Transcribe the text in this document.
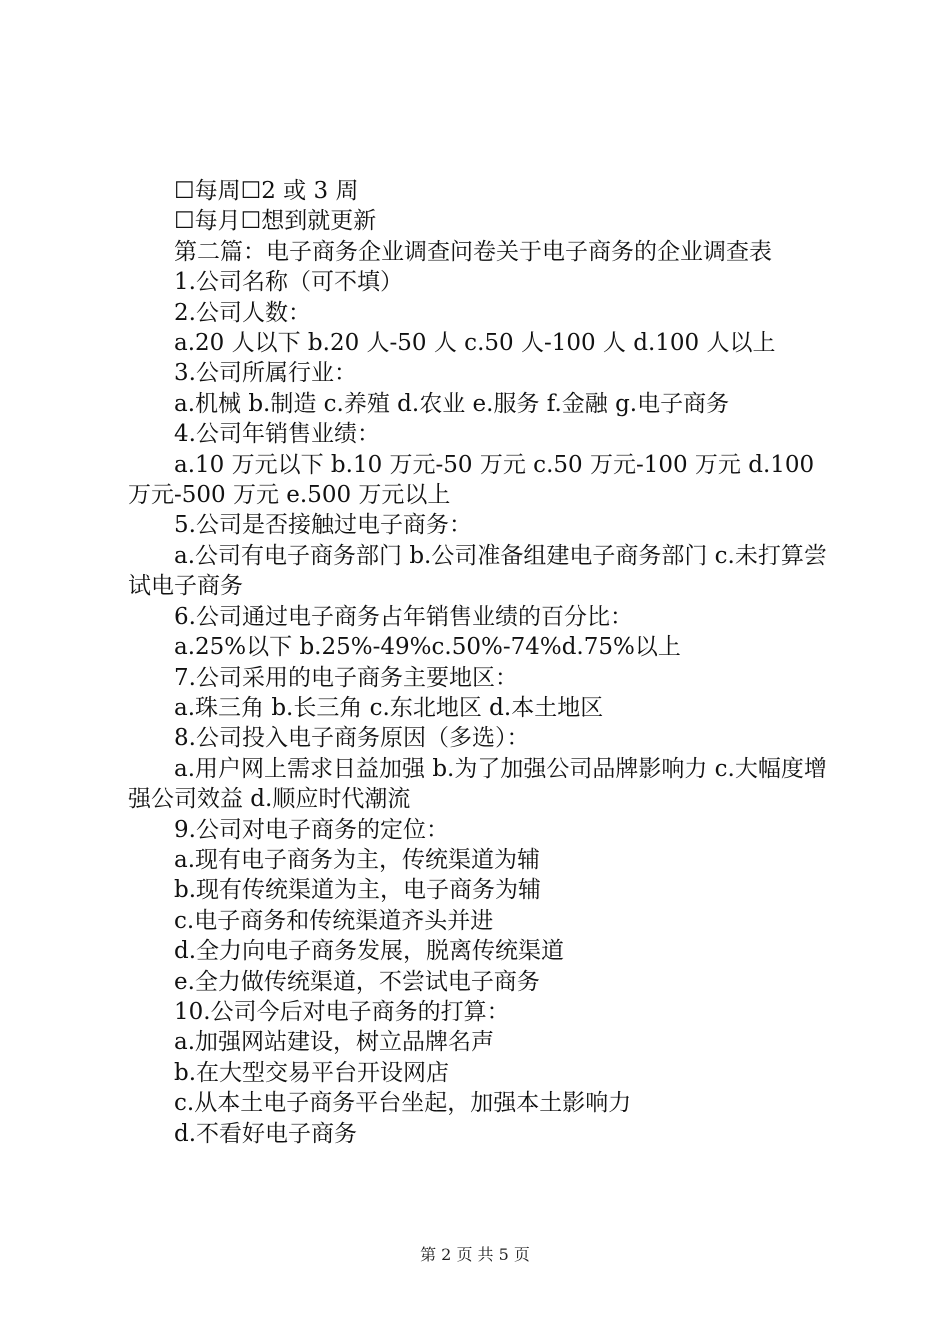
☐每周☐2 或 3 周

☐每月☐想到就更新

第二篇：电子商务企业调查问卷关于电子商务的企业调查表

1.公司名称（可不填）

2.公司人数：

a.20 人以下 b.20 人-50 人 c.50 人-100 人 d.100 人以上

3.公司所属行业：

a.机械 b.制造 c.养殖 d.农业 e.服务 f.金融 g.电子商务

4.公司年销售业绩：

a.10 万元以下 b.10 万元-50 万元 c.50 万元-100 万元 d.100 万元-500 万元 e.500 万元以上

5.公司是否接触过电子商务：

a.公司有电子商务部门 b.公司准备组建电子商务部门 c.未打算尝试电子商务

6.公司通过电子商务占年销售业绩的百分比：

a.25%以下 b.25%-49%c.50%-74%d.75%以上

7.公司采用的电子商务主要地区：

a.珠三角 b.长三角 c.东北地区 d.本土地区

8.公司投入电子商务原因（多选）：

a.用户网上需求日益加强 b.为了加强公司品牌影响力 c.大幅度增强公司效益 d.顺应时代潮流

9.公司对电子商务的定位：

a.现有电子商务为主，传统渠道为辅

b.现有传统渠道为主，电子商务为辅

c.电子商务和传统渠道齐头并进

d.全力向电子商务发展，脱离传统渠道

e.全力做传统渠道，不尝试电子商务

10.公司今后对电子商务的打算：

a.加强网站建设，树立品牌名声

b.在大型交易平台开设网店

c.从本土电子商务平台坐起，加强本土影响力

d.不看好电子商务

第 2 页 共 5 页
